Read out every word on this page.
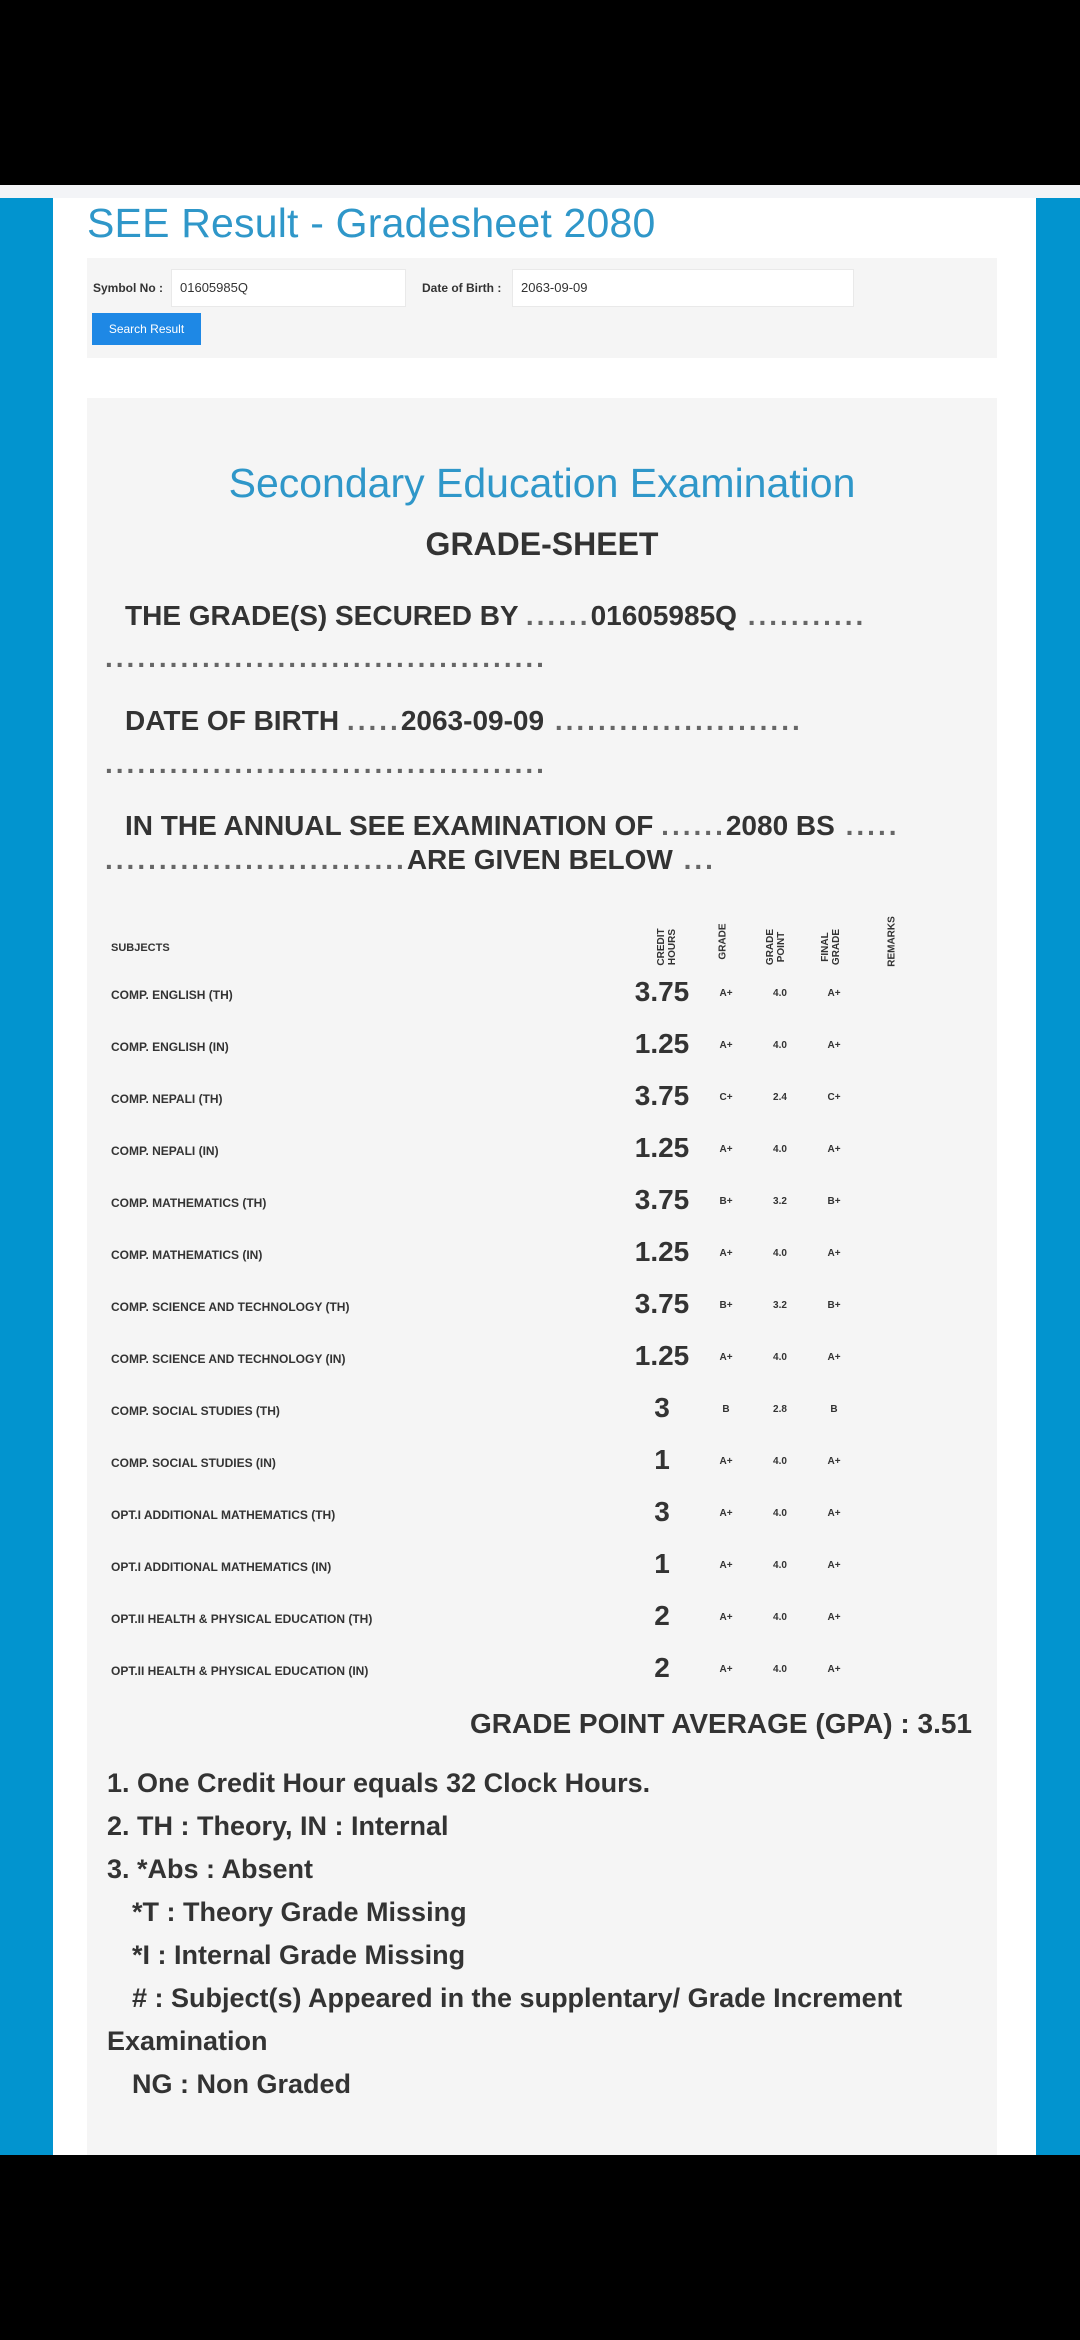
SEE Result - Gradesheet 2080
Symbol No :	01605985Q	Date of Birth :	2063-09-09
Search Result
Secondary Education Examination
GRADE-SHEET
THE GRADE(S) SECURED BY ......01605985Q ...........
.........................................
DATE OF BIRTH .....2063-09-09 .......................
.........................................
IN THE ANNUAL SEE EXAMINATION OF ......2080 BS .....
............................ARE GIVEN BELOW ...
SUBJECTS	CREDIT HOURS	GRADE	GRADE POINT	FINAL GRADE	REMARKS
COMP. ENGLISH (TH)	3.75	A+	4.0	A+
COMP. ENGLISH (IN)	1.25	A+	4.0	A+
COMP. NEPALI (TH)	3.75	C+	2.4	C+
COMP. NEPALI (IN)	1.25	A+	4.0	A+
COMP. MATHEMATICS (TH)	3.75	B+	3.2	B+
COMP. MATHEMATICS (IN)	1.25	A+	4.0	A+
COMP. SCIENCE AND TECHNOLOGY (TH)	3.75	B+	3.2	B+
COMP. SCIENCE AND TECHNOLOGY (IN)	1.25	A+	4.0	A+
COMP. SOCIAL STUDIES (TH)	3	B	2.8	B
COMP. SOCIAL STUDIES (IN)	1	A+	4.0	A+
OPT.I ADDITIONAL MATHEMATICS (TH)	3	A+	4.0	A+
OPT.I ADDITIONAL MATHEMATICS (IN)	1	A+	4.0	A+
OPT.II HEALTH & PHYSICAL EDUCATION (TH)	2	A+	4.0	A+
OPT.II HEALTH & PHYSICAL EDUCATION (IN)	2	A+	4.0	A+
GRADE POINT AVERAGE (GPA) : 3.51
1. One Credit Hour equals 32 Clock Hours.
2. TH : Theory, IN : Internal
3. *Abs : Absent
*T : Theory Grade Missing
*I : Internal Grade Missing
# : Subject(s) Appeared in the supplentary/ Grade Increment
Examination
NG : Non Graded
